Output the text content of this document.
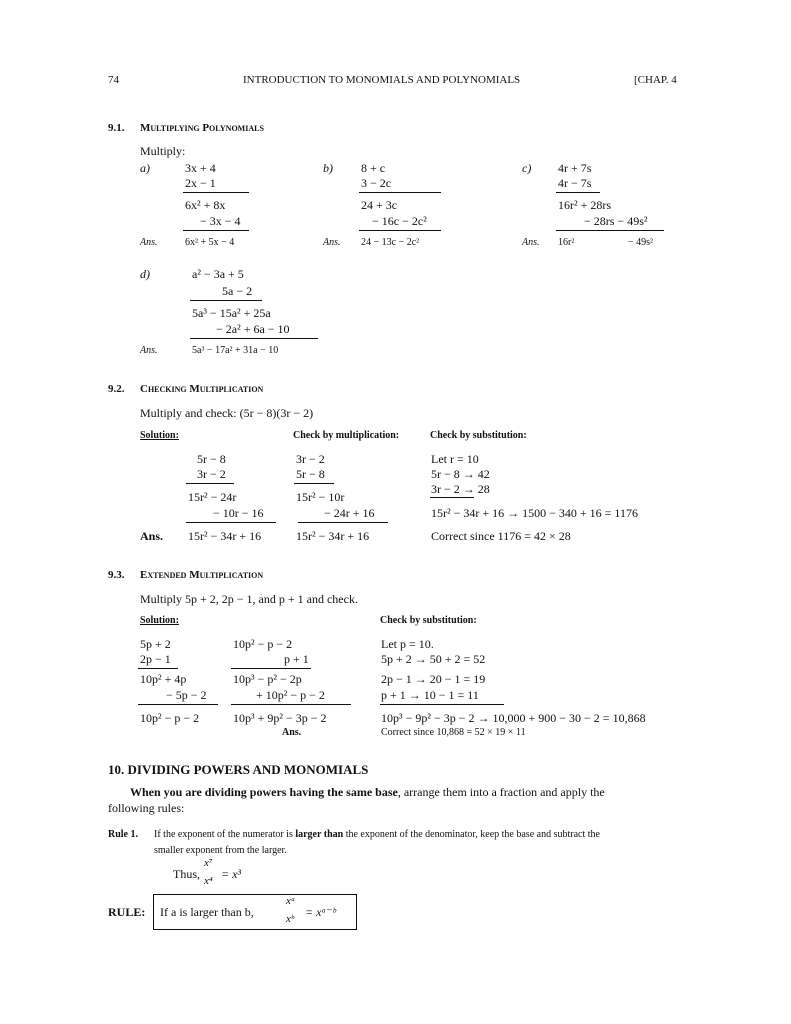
74	INTRODUCTION TO MONOMIALS AND POLYNOMIALS	[CHAP. 4
9.1. Multiplying Polynomials
Multiply:
a)	3x + 4
2x − 1
6x² + 8x
− 3x − 4
Ans.	6x² + 5x − 4
b) 8 + c
3 − 2c
24 + 3c
− 16c − 2c²
Ans. 24 − 13c − 2c²
c) 4r + 7s
4r − 7s
16r² + 28rs
− 28rs − 49s²
Ans. 16r²	− 49s²
d)	a² − 3a + 5
5a − 2
5a³ − 15a² + 25a
− 2a² + 6a − 10
Ans.	5a³ − 17a² + 31a − 10
9.2. Checking Multiplication
Multiply and check: (5r − 8)(3r − 2)
Solution:	Check by multiplication:	Check by substitution:
5r − 8
3r − 2
15r² − 24r
− 10r − 16
3r − 2
5r − 8
15r² − 10r
− 24r + 16
Let r = 10
5r − 8 → 42
3r − 2 → 28
15r² − 34r + 16 → 1500 − 340 + 16 = 1176
Ans. 15r² − 34r + 16	15r² − 34r + 16	Correct since 1176 = 42 × 28
9.3. Extended Multiplication
Multiply 5p + 2, 2p − 1, and p + 1 and check.
Solution:	Check by substitution:
5p + 2
2p − 1
10p² + 4p
− 5p − 2
10p² − p − 2
10p² − p − 2
p + 1
10p³ − p² − 2p
+ 10p² − p − 2
10p³ + 9p² − 3p − 2
Ans.
Let p = 10.
5p + 2 → 50 + 2 = 52
2p − 1 → 20 − 1 = 19
p + 1 → 10 − 1 = 11
10p³ − 9p² − 3p − 2 → 10,000 + 900 − 30 − 2 = 10,868
Correct since 10,868 = 52 × 19 × 11
10. DIVIDING POWERS AND MONOMIALS
When you are dividing powers having the same base, arrange them into a fraction and apply the
following rules:
Rule 1. If the exponent of the numerator is larger than the exponent of the denominator, keep the base and subtract the
smaller exponent from the larger.
Thus,
x⁷
x⁴ = x³
RULE: If a is larger than b,
xᵃ
xᵇ = xᵃ⁻ᵇ
